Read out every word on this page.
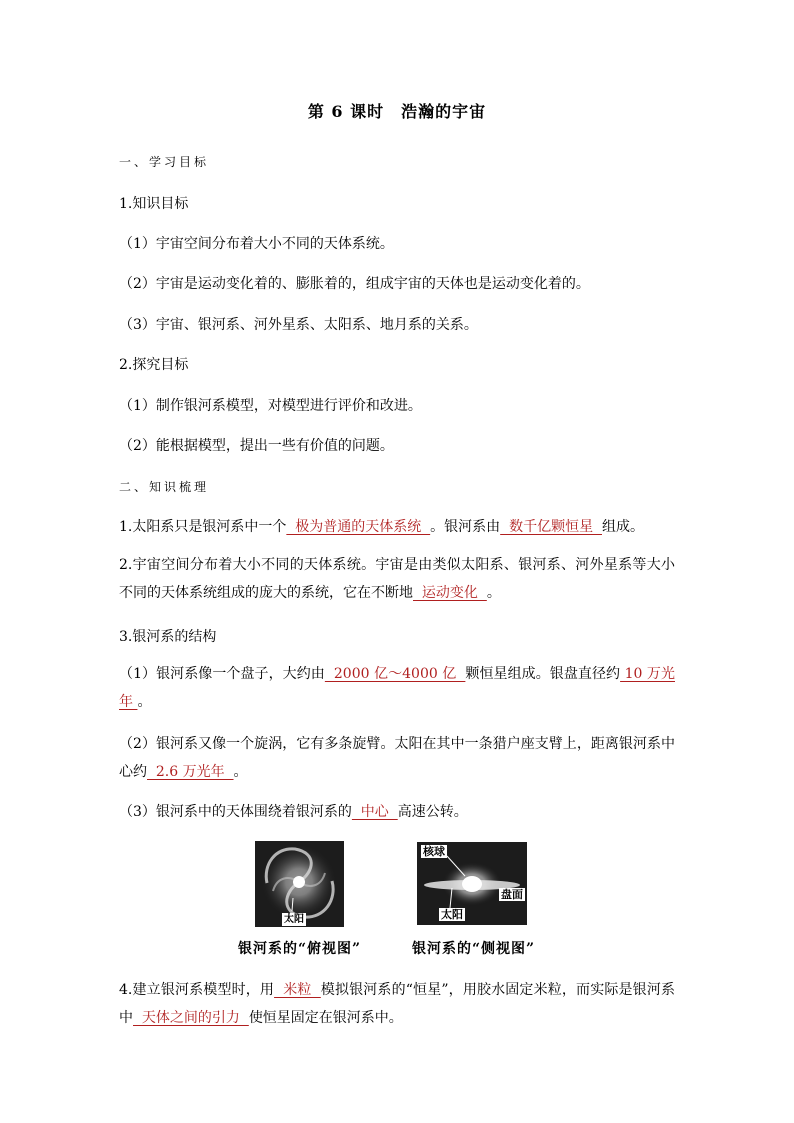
第 6 课时　浩瀚的宇宙
一、学习目标
1.知识目标
（1）宇宙空间分布着大小不同的天体系统。
（2）宇宙是运动变化着的、膨胀着的，组成宇宙的天体也是运动变化着的。
（3）宇宙、银河系、河外星系、太阳系、地月系的关系。
2.探究目标
（1）制作银河系模型，对模型进行评价和改进。
（2）能根据模型，提出一些有价值的问题。
二、知识梳理
1.太阳系只是银河系中一个  极为普通的天体系统  。银河系由  数千亿颗恒星  组成。
2.宇宙空间分布着大小不同的天体系统。宇宙是由类似太阳系、银河系、河外星系等大小不同的天体系统组成的庞大的系统，它在不断地  运动变化  。
3.银河系的结构
（1）银河系像一个盘子，大约由  2000 亿～4000 亿  颗恒星组成。银盘直径约 10 万光年 。
（2）银河系又像一个旋涡，它有多条旋臂。太阳在其中一条猎户座支臂上，距离银河系中心约  2.6 万光年  。
（3）银河系中的天体围绕着银河系的  中心  高速公转。
太阳
核球
盘面
太阳
银河系的“俯视图”	银河系的“侧视图”
4.建立银河系模型时，用  米粒  模拟银河系的“恒星”，用胶水固定米粒，而实际是银河系中  天体之间的引力  使恒星固定在银河系中。
